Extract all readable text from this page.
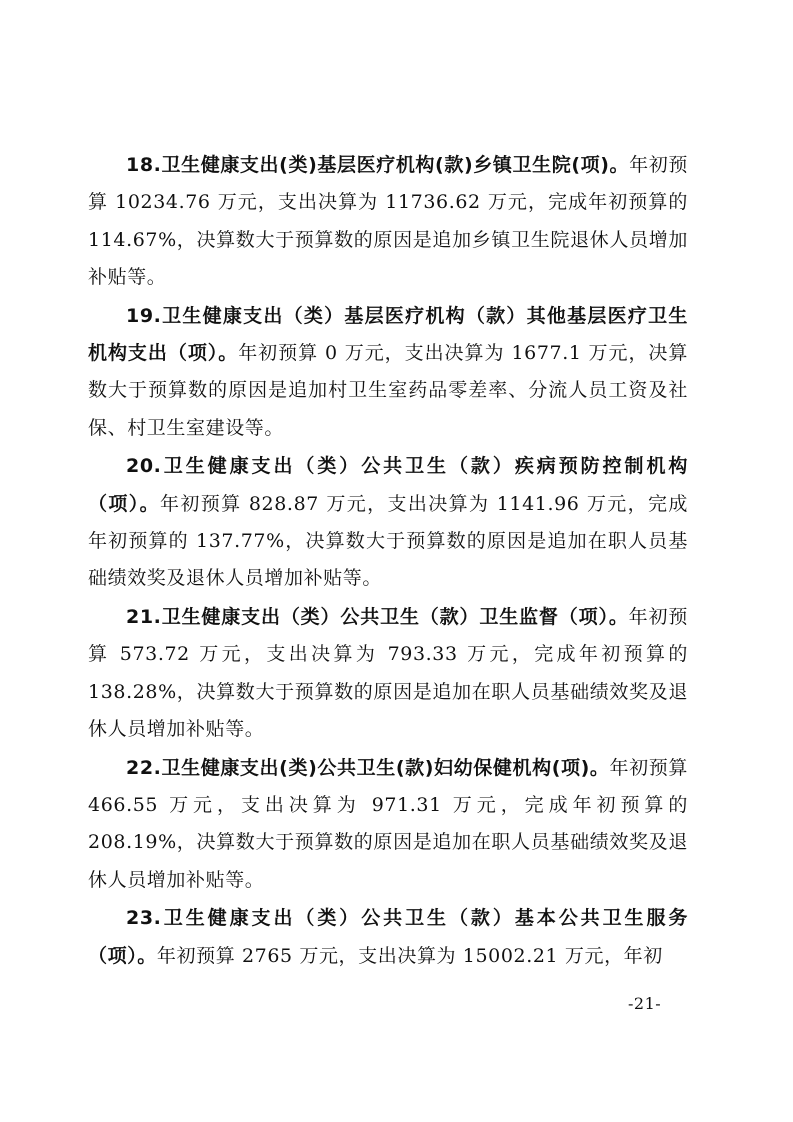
18.卫生健康支出(类)基层医疗机构(款)乡镇卫生院(项)。年初预算 10234.76 万元，支出决算为 11736.62 万元，完成年初预算的 114.67%，决算数大于预算数的原因是追加乡镇卫生院退休人员增加补贴等。

19.卫生健康支出（类）基层医疗机构（款）其他基层医疗卫生机构支出（项）。年初预算 0 万元，支出决算为 1677.1 万元，决算数大于预算数的原因是追加村卫生室药品零差率、分流人员工资及社保、村卫生室建设等。

20.卫生健康支出（类）公共卫生（款）疾病预防控制机构（项）。年初预算 828.87 万元，支出决算为 1141.96 万元，完成年初预算的 137.77%，决算数大于预算数的原因是追加在职人员基础绩效奖及退休人员增加补贴等。

21.卫生健康支出（类）公共卫生（款）卫生监督（项）。年初预算 573.72 万元，支出决算为 793.33 万元，完成年初预算的 138.28%，决算数大于预算数的原因是追加在职人员基础绩效奖及退休人员增加补贴等。

22.卫生健康支出(类)公共卫生(款)妇幼保健机构(项)。年初预算 466.55 万元，支出决算为 971.31 万元，完成年初预算的 208.19%，决算数大于预算数的原因是追加在职人员基础绩效奖及退休人员增加补贴等。

23.卫生健康支出（类）公共卫生（款）基本公共卫生服务（项）。年初预算 2765 万元，支出决算为 15002.21 万元，年初

-21-
